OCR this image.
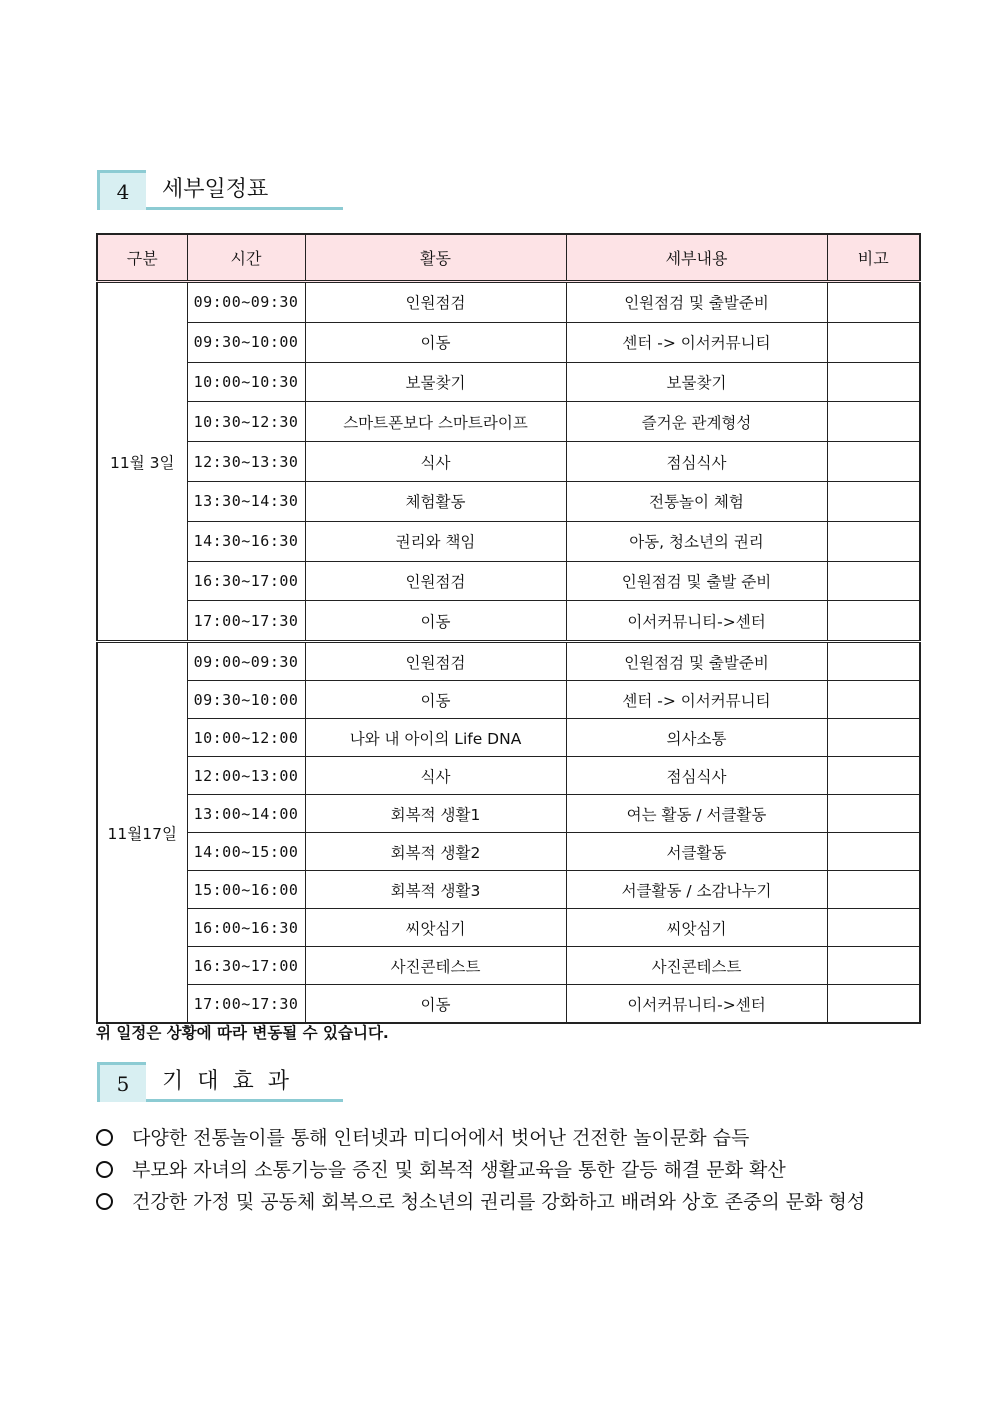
4	세부일정표
구분	시간	활동	세부내용	비고
11월 3일	09:00~09:30	인원점검	인원점검 및 출발준비	
	09:30~10:00	이동	센터 -> 이서커뮤니티	
	10:00~10:30	보물찾기	보물찾기	
	10:30~12:30	스마트폰보다 스마트라이프	즐거운 관계형성	
	12:30~13:30	식사	점심식사	
	13:30~14:30	체험활동	전통놀이 체험	
	14:30~16:30	권리와 책임	아동, 청소년의 권리	
	16:30~17:00	인원점검	인원점검 및 출발 준비	
	17:00~17:30	이동	이서커뮤니티->센터	
11월17일	09:00~09:30	인원점검	인원점검 및 출발준비	
	09:30~10:00	이동	센터 -> 이서커뮤니티	
	10:00~12:00	나와 내 아이의 Life DNA	의사소통	
	12:00~13:00	식사	점심식사	
	13:00~14:00	회복적 생활1	여는 활동 / 서클활동	
	14:00~15:00	회복적 생활2	서클활동	
	15:00~16:00	회복적 생활3	서클활동 / 소감나누기	
	16:00~16:30	씨앗심기	씨앗심기	
	16:30~17:00	사진콘테스트	사진콘테스트	
	17:00~17:30	이동	이서커뮤니티->센터	
위 일정은 상황에 따라 변동될 수 있습니다.
5	기대효과
다양한 전통놀이를 통해 인터넷과 미디어에서 벗어난 건전한 놀이문화 습득
부모와 자녀의 소통기능을 증진 및 회복적 생활교육을 통한 갈등 해결 문화 확산
건강한 가정 및 공동체 회복으로 청소년의 권리를 강화하고 배려와 상호 존중의 문화 형성
